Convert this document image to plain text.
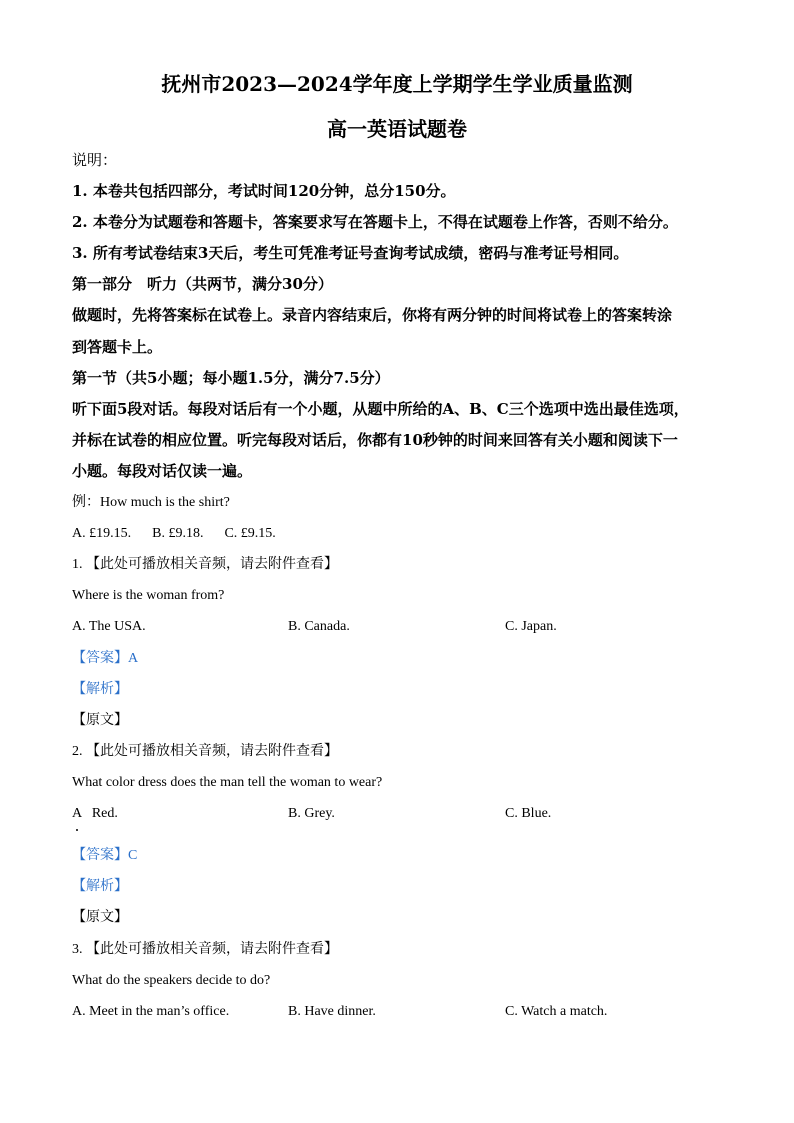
抚州市2023—2024学年度上学期学生学业质量监测
高一英语试题卷
说明：
1. 本卷共包括四部分，考试时间120分钟，总分150分。
2. 本卷分为试题卷和答题卡，答案要求写在答题卡上，不得在试题卷上作答，否则不给分。
3. 所有考试卷结束3天后，考生可凭准考证号查询考试成绩，密码与准考证号相同。
第一部分　听力（共两节，满分30分）
做题时，先将答案标在试卷上。录音内容结束后，你将有两分钟的时间将试卷上的答案转涂
到答题卡上。
第一节（共5小题；每小题1.5分，满分7.5分）
听下面5段对话。每段对话后有一个小题，从题中所给的A、B、C三个选项中选出最佳选项，
并标在试卷的相应位置。听完每段对话后，你都有10秒钟的时间来回答有关小题和阅读下一
小题。每段对话仅读一遍。
例：How much is the shirt?
A. £19.15.      B. £9.18.      C. £9.15.
1. 【此处可播放相关音频，请去附件查看】
Where is the woman from?
A. The USA.	B. Canada.	C. Japan.
【答案】A
【解析】
【原文】
2. 【此处可播放相关音频，请去附件查看】
What color dress does the man tell the woman to wear?
A   Red.	B. Grey.	C. Blue.
【答案】C
【解析】
【原文】
3. 【此处可播放相关音频，请去附件查看】
What do the speakers decide to do?
A. Meet in the man’s office.	B. Have dinner.	C. Watch a match.
